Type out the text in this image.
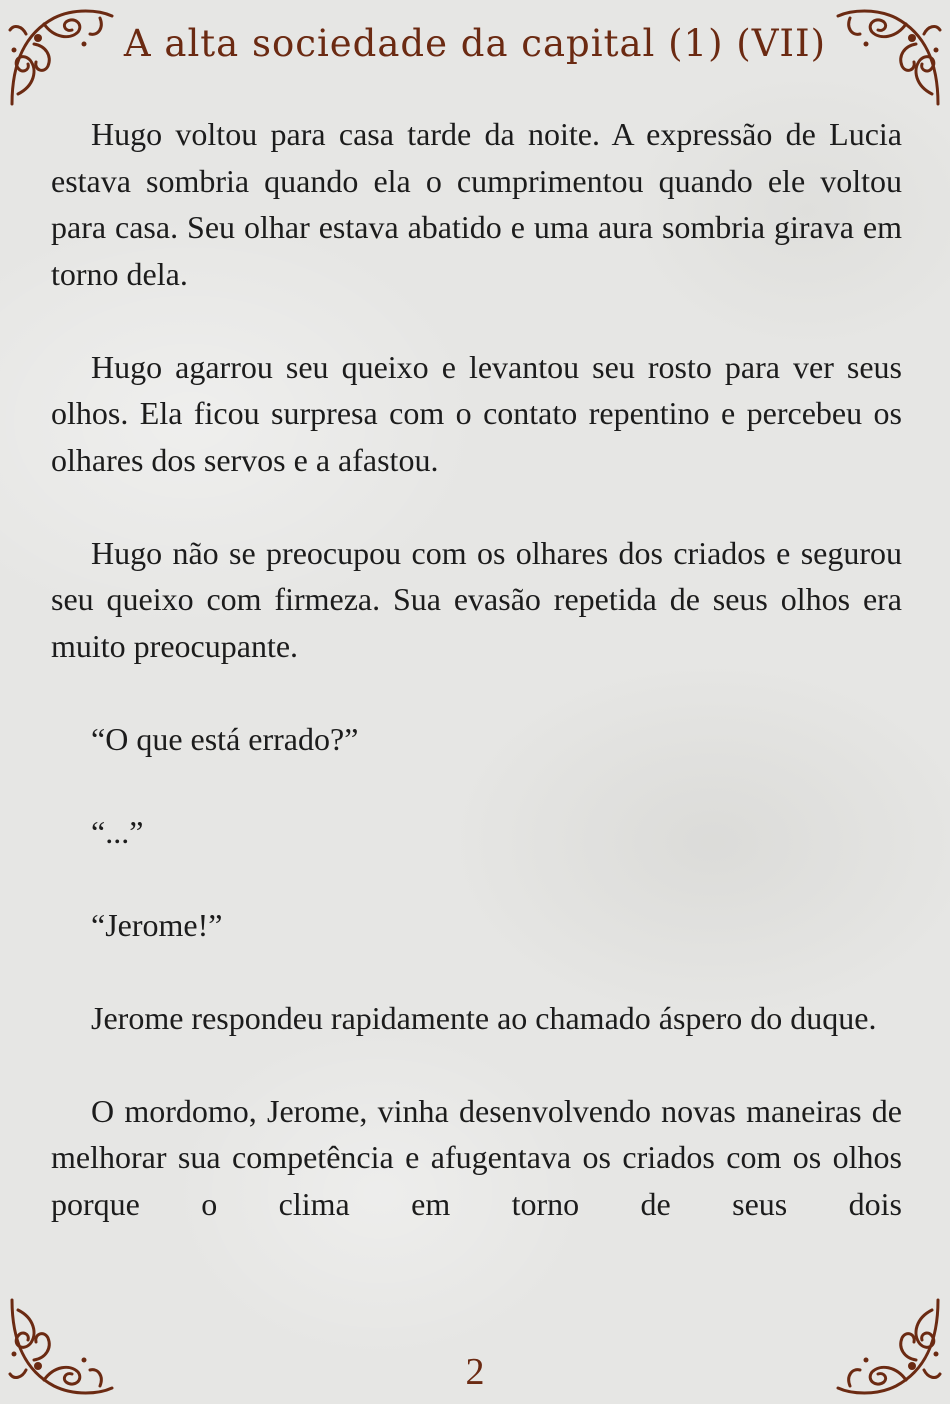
A alta sociedade da capital (1) (VII)

Hugo voltou para casa tarde da noite. A expressão de Lucia estava sombria quando ela o cumprimentou quando ele voltou para casa. Seu olhar estava abatido e uma aura sombria girava em torno dela.

Hugo agarrou seu queixo e levantou seu rosto para ver seus olhos. Ela ficou surpresa com o contato repentino e percebeu os olhares dos servos e a afastou.

Hugo não se preocupou com os olhares dos criados e segurou seu queixo com firmeza. Sua evasão repetida de seus olhos era muito preocupante.

“O que está errado?”

“...”

“Jerome!”

Jerome respondeu rapidamente ao chamado áspero do duque.

O mordomo, Jerome, vinha desenvolvendo novas maneiras de melhorar sua competência e afugentava os criados com os olhos porque o clima em torno de seus dois

2
